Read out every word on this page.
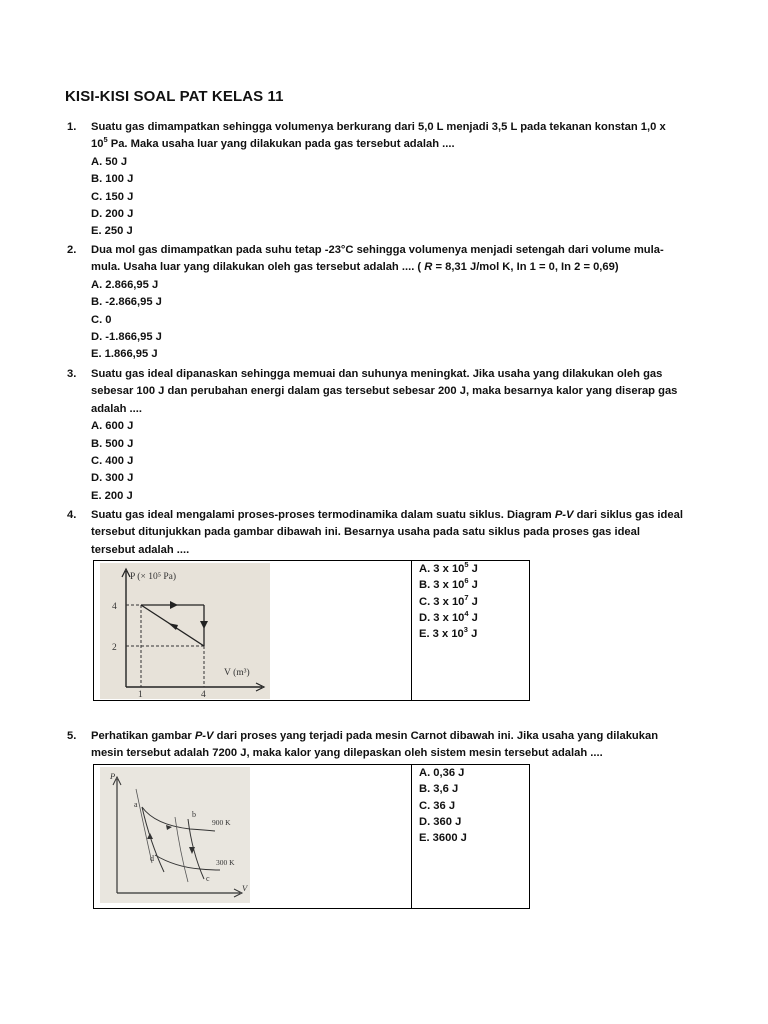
KISI-KISI SOAL PAT KELAS 11
1. Suatu gas dimampatkan sehingga volumenya berkurang dari 5,0 L menjadi 3,5 L pada tekanan konstan 1,0 x
$10^5$ Pa. Maka usaha luar yang dilakukan pada gas tersebut adalah ....
A. 50 J
B. 100 J
C. 150 J
D. 200 J
E. 250 J
2. Dua mol gas dimampatkan pada suhu tetap -23°C sehingga volumenya menjadi setengah dari volume mula-
mula. Usaha luar yang dilakukan oleh gas tersebut adalah .... ( R = 8,31 J/mol K, In 1 = 0, In 2 = 0,69)
A. 2.866,95 J
B. -2.866,95 J
C. 0
D. -1.866,95 J
E. 1.866,95 J
3. Suatu gas ideal dipanaskan sehingga memuai dan suhunya meningkat. Jika usaha yang dilakukan oleh gas
sebesar 100 J dan perubahan energi dalam gas tersebut sebesar 200 J, maka besarnya kalor yang diserap gas
adalah ....
A. 600 J
B. 500 J
C. 400 J
D. 300 J
E. 200 J
4. Suatu gas ideal mengalami proses-proses termodinamika dalam suatu siklus. Diagram P-V dari siklus gas ideal
tersebut ditunjukkan pada gambar dibawah ini. Besarnya usaha pada satu siklus pada proses gas ideal
tersebut adalah ....
P (× 10⁵ Pa)
V (m³)
4
2
1	4
A. 3 x $10^5$ J
B. 3 x $10^6$ J
C. 3 x $10^7$ J
D. 3 x $10^4$ J
E. 3 x $10^3$ J
5. Perhatikan gambar P-V dari proses yang terjadi pada mesin Carnot dibawah ini. Jika usaha yang dilakukan
mesin tersebut adalah 7200 J, maka kalor yang dilepaskan oleh sistem mesin tersebut adalah ....
P
V
a
b
c
d
900 K
300 K
A. 0,36 J
B. 3,6 J
C. 36 J
D. 360 J
E. 3600 J
